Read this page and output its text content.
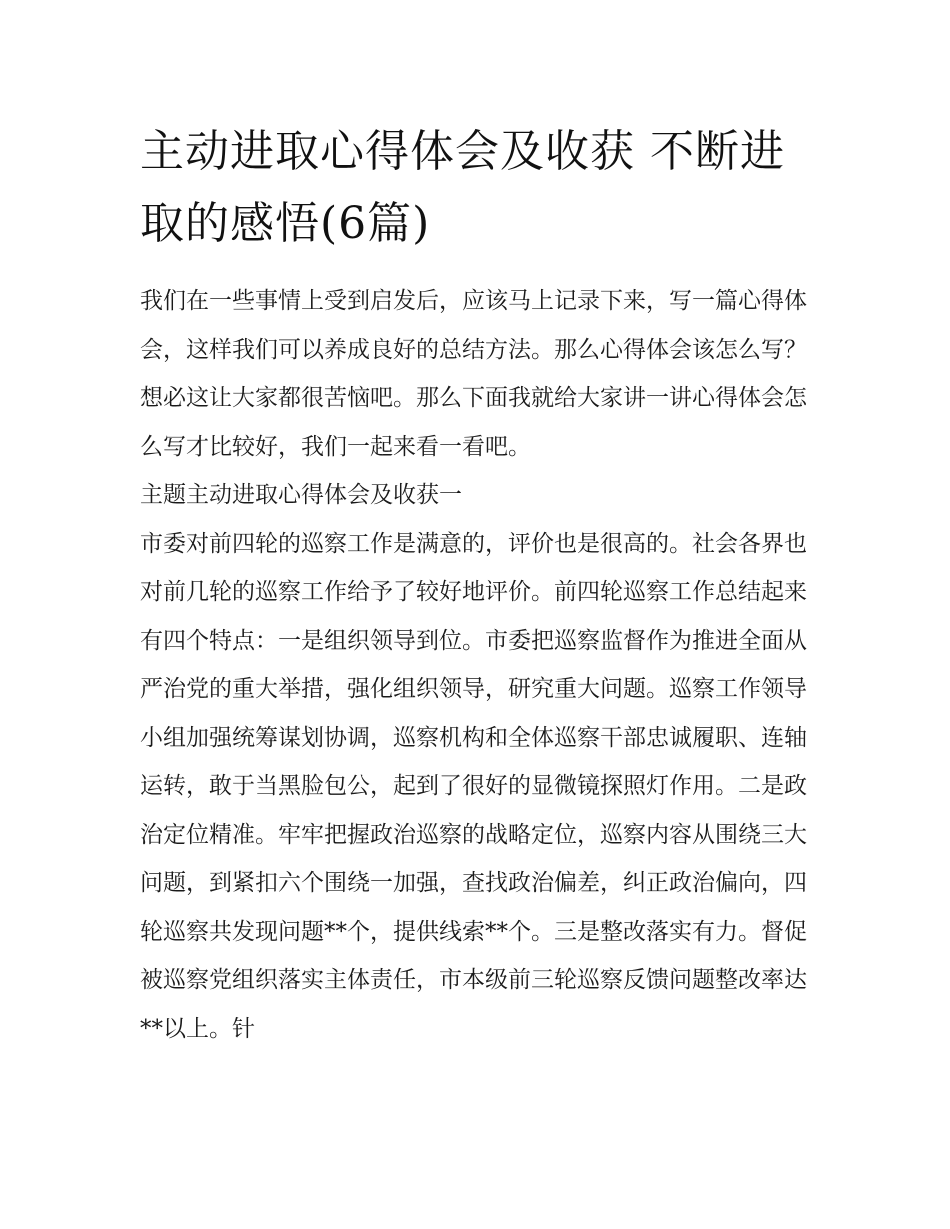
主动进取心得体会及收获 不断进取的感悟(6篇)

我们在一些事情上受到启发后，应该马上记录下来，写一篇心得体会，这样我们可以养成良好的总结方法。那么心得体会该怎么写？想必这让大家都很苦恼吧。那么下面我就给大家讲一讲心得体会怎么写才比较好，我们一起来看一看吧。

主题主动进取心得体会及收获一

市委对前四轮的巡察工作是满意的，评价也是很高的。社会各界也对前几轮的巡察工作给予了较好地评价。前四轮巡察工作总结起来有四个特点：一是组织领导到位。市委把巡察监督作为推进全面从严治党的重大举措，强化组织领导，研究重大问题。巡察工作领导小组加强统筹谋划协调，巡察机构和全体巡察干部忠诚履职、连轴运转，敢于当黑脸包公，起到了很好的显微镜探照灯作用。二是政治定位精准。牢牢把握政治巡察的战略定位，巡察内容从围绕三大问题，到紧扣六个围绕一加强，查找政治偏差，纠正政治偏向，四轮巡察共发现问题**个，提供线索**个。三是整改落实有力。督促被巡察党组织落实主体责任，市本级前三轮巡察反馈问题整改率达**以上。针
